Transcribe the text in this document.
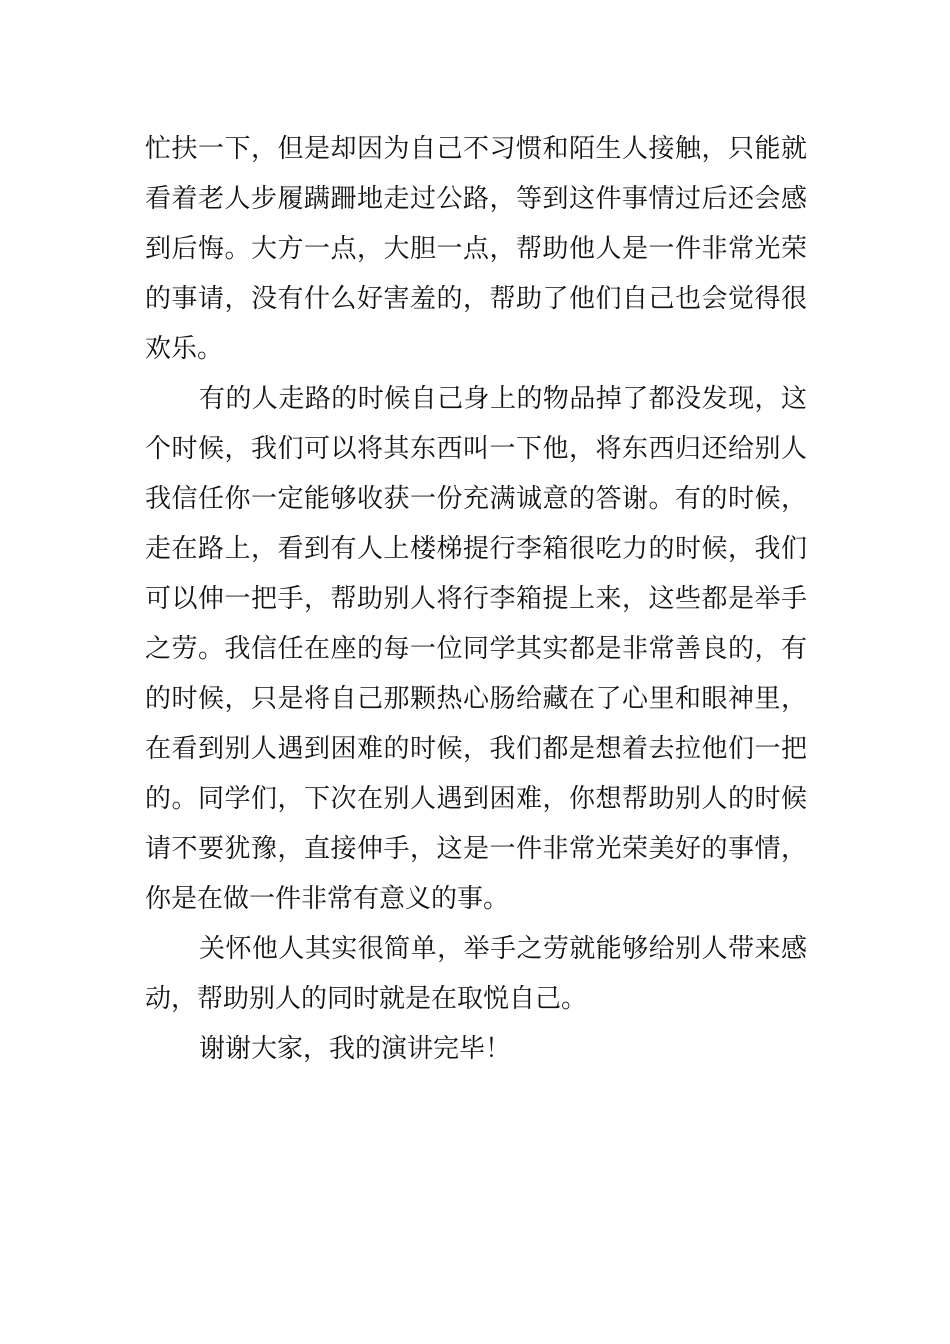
忙扶一下，但是却因为自己不习惯和陌生人接触，只能就
看着老人步履蹒跚地走过公路，等到这件事情过后还会感
到后悔。大方一点，大胆一点，帮助他人是一件非常光荣
的事请，没有什么好害羞的，帮助了他们自己也会觉得很
欢乐。
有的人走路的时候自己身上的物品掉了都没发现，这
个时候，我们可以将其东西叫一下他，将东西归还给别人
我信任你一定能够收获一份充满诚意的答谢。有的时候，
走在路上，看到有人上楼梯提行李箱很吃力的时候，我们
可以伸一把手，帮助别人将行李箱提上来，这些都是举手
之劳。我信任在座的每一位同学其实都是非常善良的，有
的时候，只是将自己那颗热心肠给藏在了心里和眼神里，
在看到别人遇到困难的时候，我们都是想着去拉他们一把
的。同学们，下次在别人遇到困难，你想帮助别人的时候
请不要犹豫，直接伸手，这是一件非常光荣美好的事情，
你是在做一件非常有意义的事。
关怀他人其实很简单，举手之劳就能够给别人带来感
动，帮助别人的同时就是在取悦自己。
谢谢大家，我的演讲完毕！
